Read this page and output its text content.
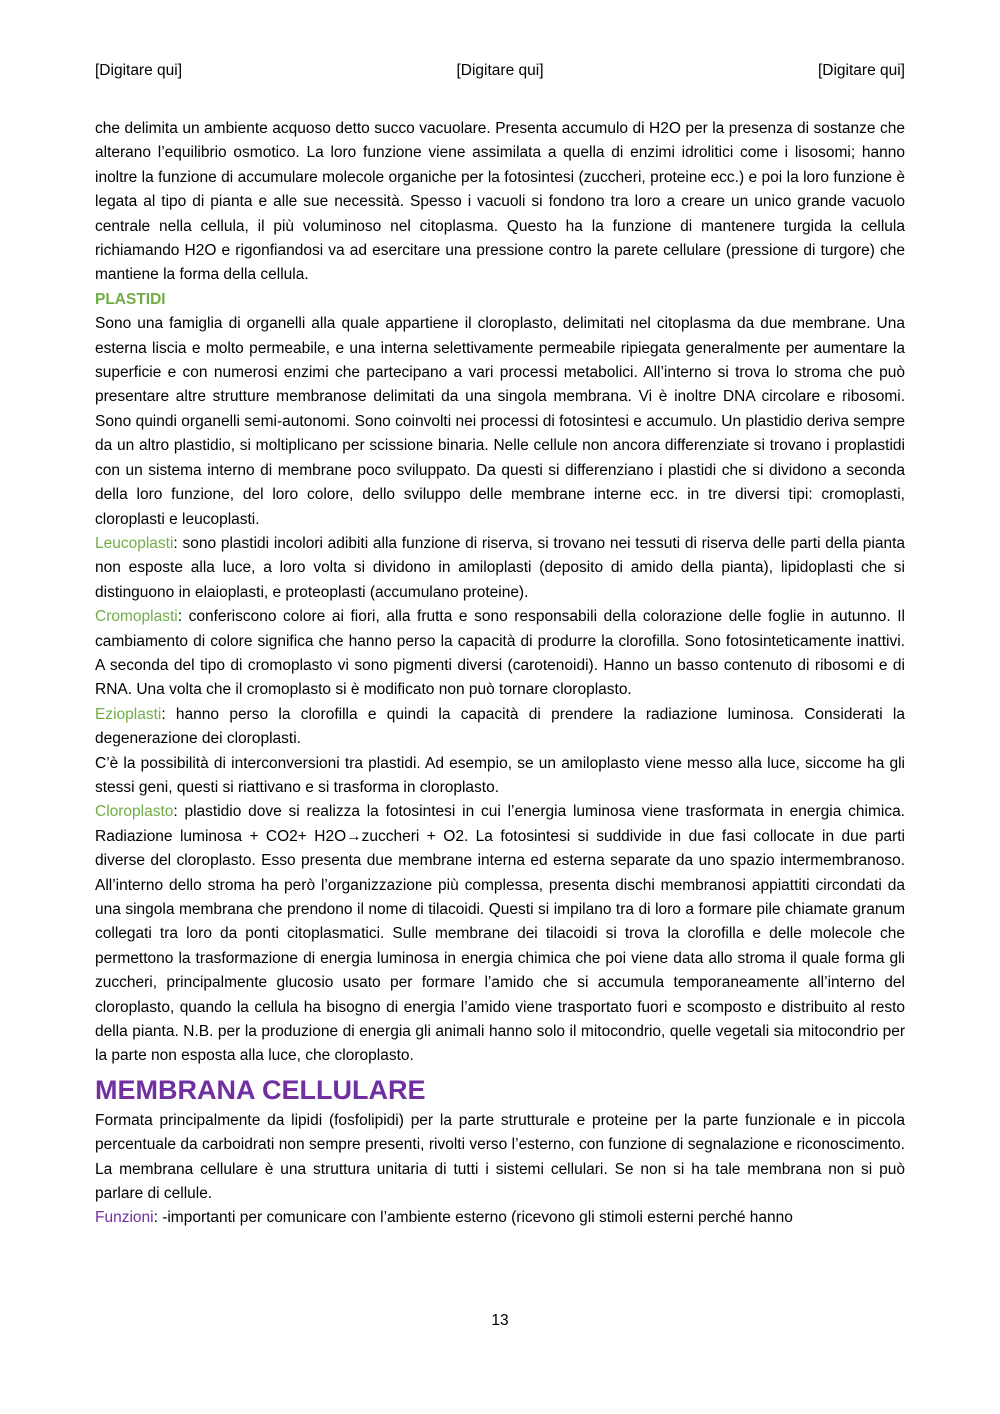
[Digitare qui]	[Digitare qui]	[Digitare qui]

che delimita un ambiente acquoso detto succo vacuolare. Presenta accumulo di H2O per la presenza di sostanze che alterano l’equilibrio osmotico. La loro funzione viene assimilata a quella di enzimi idrolitici come i lisosomi; hanno inoltre la funzione di accumulare molecole organiche per la fotosintesi (zuccheri, proteine ecc.) e poi la loro funzione è legata al tipo di pianta e alle sue necessità. Spesso i vacuoli si fondono tra loro a creare un unico grande vacuolo centrale nella cellula, il più voluminoso nel citoplasma. Questo ha la funzione di mantenere turgida la cellula richiamando H2O e rigonfiandosi va ad esercitare una pressione contro la parete cellulare (pressione di turgore) che mantiene la forma della cellula.

PLASTIDI

Sono una famiglia di organelli alla quale appartiene il cloroplasto, delimitati nel citoplasma da due membrane. Una esterna liscia e molto permeabile, e una interna selettivamente permeabile ripiegata generalmente per aumentare la superficie e con numerosi enzimi che partecipano a vari processi metabolici. All’interno si trova lo stroma che può presentare altre strutture membranose delimitati da una singola membrana. Vi è inoltre DNA circolare e ribosomi. Sono quindi organelli semi-autonomi. Sono coinvolti nei processi di fotosintesi e accumulo. Un plastidio deriva sempre da un altro plastidio, si moltiplicano per scissione binaria. Nelle cellule non ancora differenziate si trovano i proplastidi con un sistema interno di membrane poco sviluppato. Da questi si differenziano i plastidi che si dividono a seconda della loro funzione, del loro colore, dello sviluppo delle membrane interne ecc. in tre diversi tipi: cromoplasti, cloroplasti e leucoplasti.

Leucoplasti: sono plastidi incolori adibiti alla funzione di riserva, si trovano nei tessuti di riserva delle parti della pianta non esposte alla luce, a loro volta si dividono in amiloplasti (deposito di amido della pianta), lipidoplasti che si distinguono in elaioplasti, e proteoplasti (accumulano proteine).

Cromoplasti: conferiscono colore ai fiori, alla frutta e sono responsabili della colorazione delle foglie in autunno. Il cambiamento di colore significa che hanno perso la capacità di produrre la clorofilla. Sono fotosinteticamente inattivi. A seconda del tipo di cromoplasto vi sono pigmenti diversi (carotenoidi). Hanno un basso contenuto di ribosomi e di RNA. Una volta che il cromoplasto si è modificato non può tornare cloroplasto.

Ezioplasti: hanno perso la clorofilla e quindi la capacità di prendere la radiazione luminosa. Considerati la degenerazione dei cloroplasti.

C’è la possibilità di interconversioni tra plastidi. Ad esempio, se un amiloplasto viene messo alla luce, siccome ha gli stessi geni, questi si riattivano e si trasforma in cloroplasto.

Cloroplasto: plastidio dove si realizza la fotosintesi in cui l’energia luminosa viene trasformata in energia chimica. Radiazione luminosa + CO2+ H2O→zuccheri + O2. La fotosintesi si suddivide in due fasi collocate in due parti diverse del cloroplasto. Esso presenta due membrane interna ed esterna separate da uno spazio intermembranoso. All’interno dello stroma ha però l’organizzazione più complessa, presenta dischi membranosi appiattiti circondati da una singola membrana che prendono il nome di tilacoidi. Questi si impilano tra di loro a formare pile chiamate granum collegati tra loro da ponti citoplasmatici. Sulle membrane dei tilacoidi si trova la clorofilla e delle molecole che permettono la trasformazione di energia luminosa in energia chimica che poi viene data allo stroma il quale forma gli zuccheri, principalmente glucosio usato per formare l’amido che si accumula temporaneamente all’interno del cloroplasto, quando la cellula ha bisogno di energia l’amido viene trasportato fuori e scomposto e distribuito al resto della pianta. N.B. per la produzione di energia gli animali hanno solo il mitocondrio, quelle vegetali sia mitocondrio per la parte non esposta alla luce, che cloroplasto.

MEMBRANA CELLULARE

Formata principalmente da lipidi (fosfolipidi) per la parte strutturale e proteine per la parte funzionale e in piccola percentuale da carboidrati non sempre presenti, rivolti verso l’esterno, con funzione di segnalazione e riconoscimento. La membrana cellulare è una struttura unitaria di tutti i sistemi cellulari. Se non si ha tale membrana non si può parlare di cellule.

Funzioni: -importanti per comunicare con l’ambiente esterno (ricevono gli stimoli esterni perché hanno

13
